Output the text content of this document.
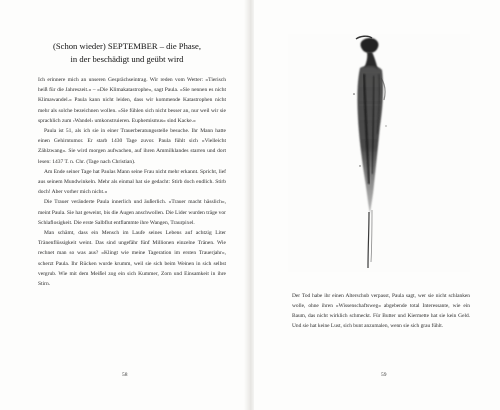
(Schon wieder) SEPTEMBER – die Phase,
in der beschädigt und geübt wird

Ich erinnere mich an unseren Gesprächseintrag. Wir reden vom Wetter: »Tierisch heiß für die Jahreszeit.« – »Die Klimakatastrophe«, sagt Paula. »Sie nennen es nicht Klimawandel.« Paula kann nicht leiden, dass wir kommende Katastrophen nicht mehr als solche bezeichnen wollen. »Sie fühlen sich nicht besser an, nur weil wir sie sprachlich zum ›Wandel‹ umkonstruieren. Euphemismus« sind Kacke.«

Paula ist 51, als ich sie in einer Trauerberatungsstelle besuche. Ihr Mann hatte einen Gehirntumor. Er starb 1430 Tage zuvor. Paula fühlt sich »Vielleicht Zählzwang«. Sie wird morgen aufwachen, auf ihren Ammilklandes starren und dort lesen: 1437 T. n. Chr. (Tage nach Christian).

Am Ende seiner Tage hat Paulas Mann seine Frau nicht mehr erkannt. Spricht, lief aus seinem Mundwinkeln. Mehr als einmal hat sie gedacht: Stirb doch endlich. Stirb doch! Aber vorher mich nicht.«

Die Trauer veränderte Paula innerlich und äußerlich. »Trauer macht hässlich«, meint Paula. Sie hat geweint, bis die Augen anschwollen. Die Lider wurden träge vor Schlaflosigkeit. Die erste Salbflut entflammte ihre Wangen, Traurpixel.

Man schämt, dass ein Mensch im Laufe seines Lebens auf achtzig Liter Tränenflüssigkeit weint. Das sind ungefähr fünf Millionen einzelne Tränen. Wie rechnet man so was aus? »Klingt wie meine Tageration im ersten Trauerjahr«, scherzt Paula. Ihr Rücken wurde krumm, weil sie sich beim Weinen in sich selbst vergrub. Wie mit dem Meißel zog ein sich Kummer, Zorn und Einsamkeit in ihre Stirn.

58
Der Tod habe ihr einen Alterschub verpasst, Paula sagt, wer sie nicht schlanken wolle, ohne ihren »Wissenschaftsweg« abgebende total Interessante, wie ein Baum, das nicht wirklich schmeckt. Für Butter und Kiermette hat sie kein Geld. Und sie hat keine Lust, sich bunt anzumalen, wenn sie sich grau fühlt.
59
